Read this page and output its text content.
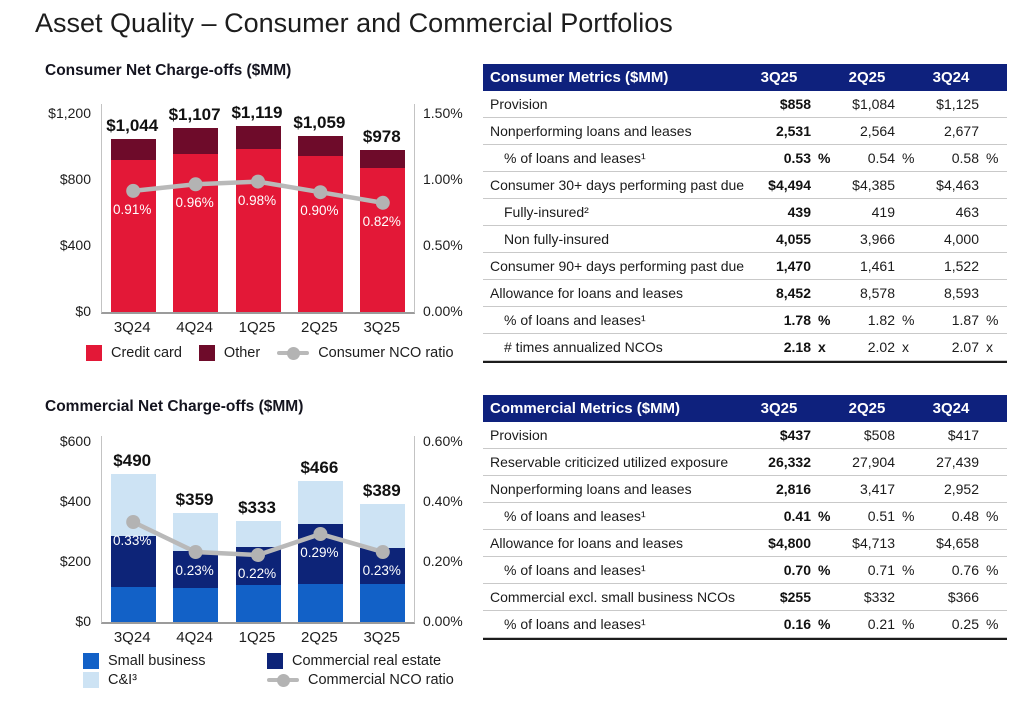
Asset Quality – Consumer and Commercial Portfolios
Consumer Net Charge-offs ($MM)
Credit card	Other	Consumer NCO ratio
$0
$400
$800
$1,200
0.00%
0.50%
1.00%
1.50%
$1,044
3Q24
$1,107
4Q24
$1,119
1Q25
$1,059
2Q25
$978
3Q25
0.91%	0.96%	0.98%
0.90%
0.82%
Commercial Net Charge-offs ($MM)
Small business	Commercial real estate
C&I³	Commercial NCO ratio
$0
$200
$400
$600
0.00%
0.20%
0.40%
0.60%
$490
3Q24
$359
4Q24
$333
1Q25
$466
2Q25
$389
3Q25
0.33%
0.23%	0.22%
0.29%
0.23%
Consumer Metrics ($MM)	3Q25	2Q25	3Q24
Provision	$858	$1,084	$1,125
Nonperforming loans and leases	2,531	2,564	2,677
% of loans and leases¹	0.53 %	0.54 %	0.58 %
Consumer 30+ days performing past due	$4,494	$4,385	$4,463
Fully-insured²	439	419	463
Non fully-insured	4,055	3,966	4,000
Consumer 90+ days performing past due	1,470	1,461	1,522
Allowance for loans and leases	8,452	8,578	8,593
% of loans and leases¹	1.78 %	1.82 %	1.87 %
# times annualized NCOs	2.18 x	2.02 x	2.07 x
Commercial Metrics ($MM)	3Q25	2Q25	3Q24
Provision	$437	$508	$417
Reservable criticized utilized exposure	26,332	27,904	27,439
Nonperforming loans and leases	2,816	3,417	2,952
% of loans and leases¹	0.41 %	0.51 %	0.48 %
Allowance for loans and leases	$4,800	$4,713	$4,658
% of loans and leases¹	0.70 %	0.71 %	0.76 %
Commercial excl. small business NCOs	$255	$332	$366
% of loans and leases¹	0.16 %	0.21 %	0.25 %
